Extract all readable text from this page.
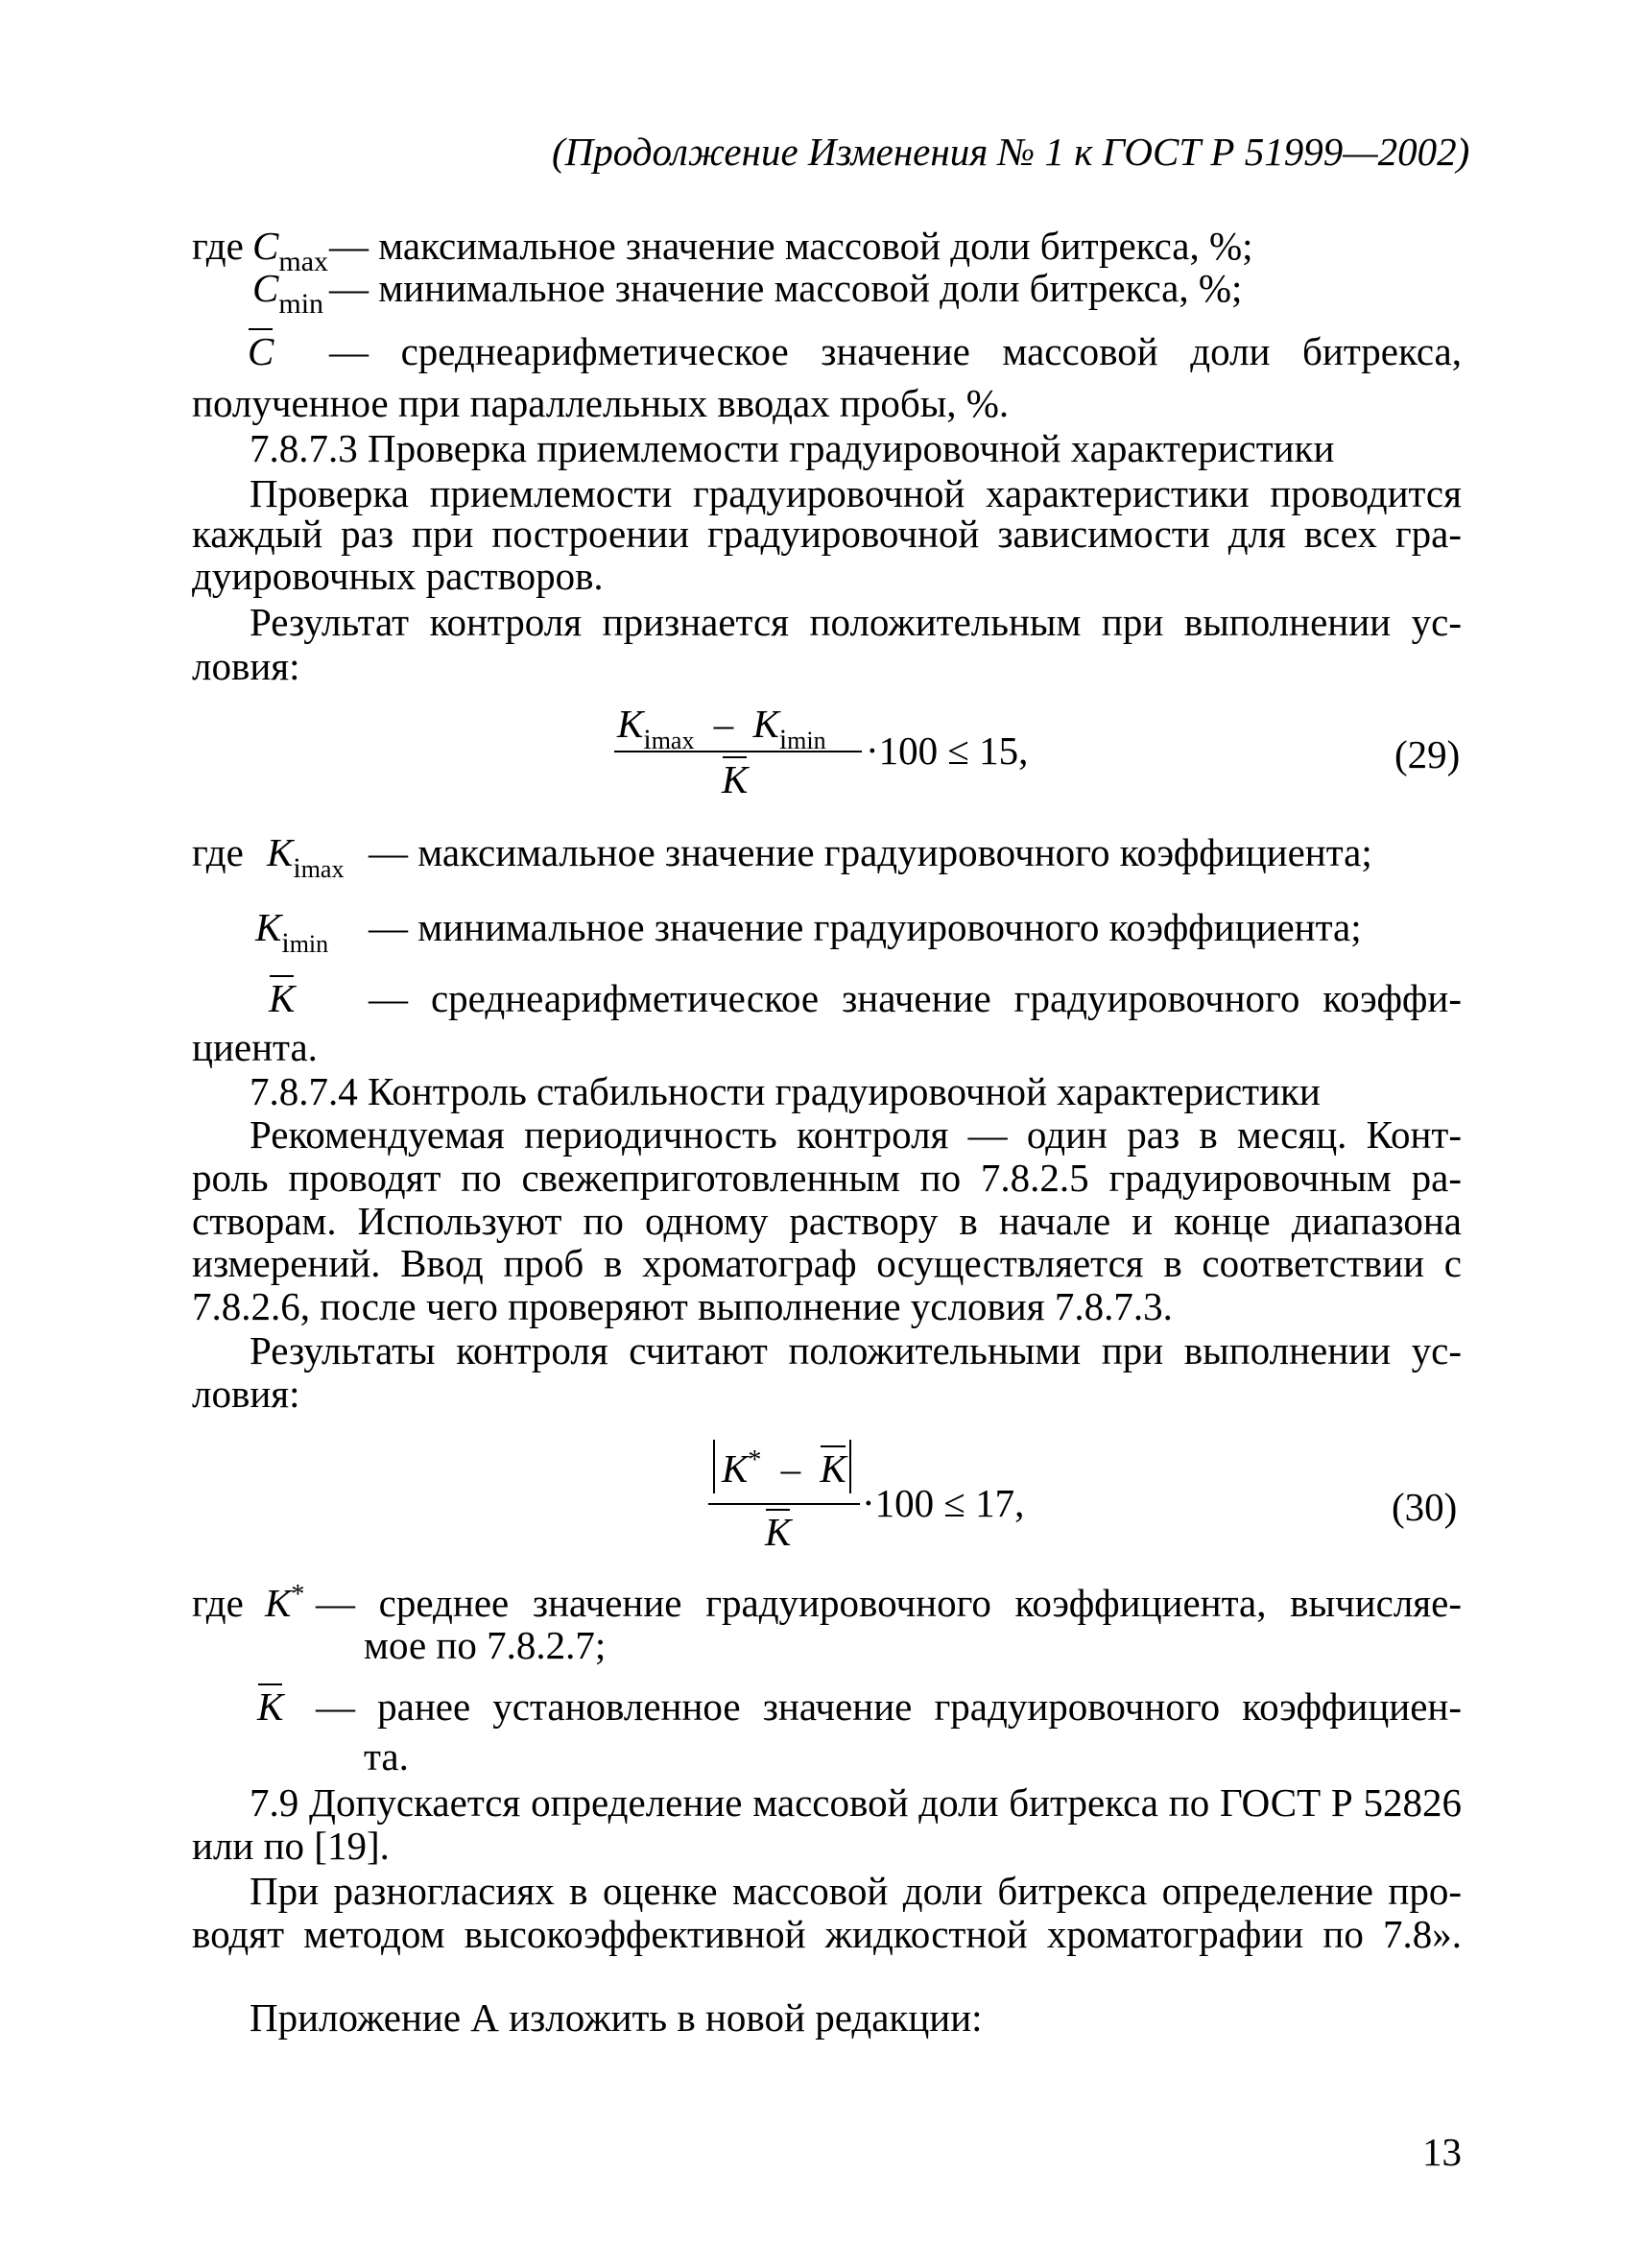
(Продолжение Изменения № 1 к ГОСТ Р 51999—2002)
где $C_{max}$ — максимальное значение массовой доли битрекса, %;
$C_{min}$ — минимальное значение массовой доли битрекса, %;
C — среднеарифметическое значение массовой доли битрекса,
полученное при параллельных вводах пробы, %.
7.8.7.3 Проверка приемлемости градуировочной характеристики
Проверка приемлемости градуировочной характеристики проводится
каждый раз при построении градуировочной зависимости для всех гра-
дуировочных растворов.
Результат контроля признается положительным при выполнении ус-
ловия:
$K_{imax} - K_{imin}$
K
·100 ≤ 15,	(29)
где $K_{imax}$ — максимальное значение градуировочного коэффициента;
$K_{imin}$ — минимальное значение градуировочного коэффициента;
K — среднеарифметическое значение градуировочного коэффи-
циента.
7.8.7.4 Контроль стабильности градуировочной характеристики
Рекомендуемая периодичность контроля — один раз в месяц. Конт-
роль проводят по свежеприготовленным по 7.8.2.5 градуировочным ра-
створам. Используют по одному раствору в начале и конце диапазона
измерений. Ввод проб в хроматограф осуществляется в соответствии с
7.8.2.6, после чего проверяют выполнение условия 7.8.7.3.
Результаты контроля считают положительными при выполнении ус-
ловия:
K* – K
K
·100 ≤ 17,	(30)
где K* — среднее значение градуировочного коэффициента, вычисляе-
мое по 7.8.2.7;
K — ранее установленное значение градуировочного коэффициен-
та.
7.9 Допускается определение массовой доли битрекса по ГОСТ Р 52826
или по [19].
При разногласиях в оценке массовой доли битрекса определение про-
водят методом высокоэффективной жидкостной хроматографии по 7.8».
Приложение А изложить в новой редакции:
13
